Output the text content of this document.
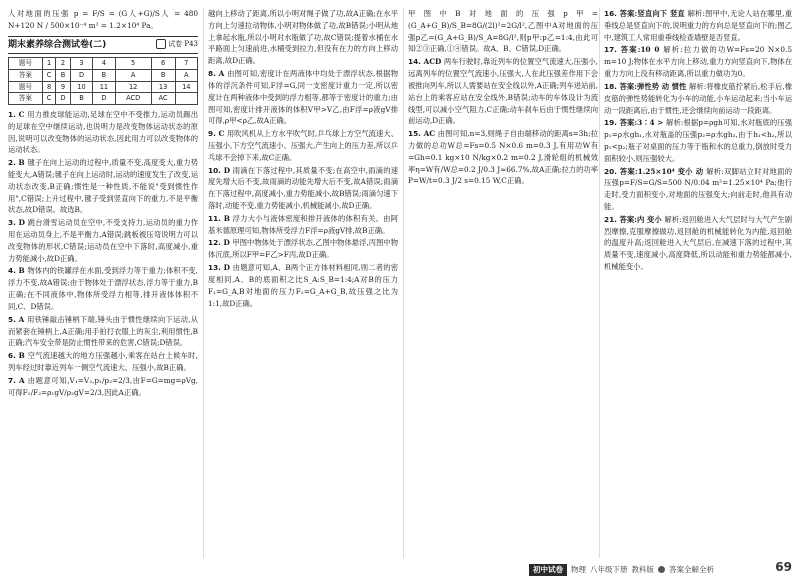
人对地面的压强 p = F/S = (G人+G)/S人 = 480 N+120 N / 500×10⁻⁴ m² = 1.2×10⁴ Pa。

期末素养综合测试卷(二)	试卷 P43
题号	1	2	3	4	5	6	7
答案	C	B	D	B	A	B	A
题号	8	9	10	11	12	13	14
答案	C	D	B	D	ACD	AC	

1. C 用力推皮球能运动,足球在空中不受推力,运动员踢出的足球在空中继续运动,也说明力是改变物体运动状态的原因,说明可以改变物体的运动状态,因此用力可以改变物体的运动状态。

2. B 毽子在向上运动的过程中,质量不变,高度变大,重力势能变大,A错误;毽子在向上运动时,运动的速度发生了改变,运动状态改变,B正确;惯性是一种性质,不能说"受到惯性作用",C错误;上升过程中,毽子受到竖直向下的重力,不是平衡状态,故D错误。故选B。

3. D 跳台滑雪运动员在空中,不受支持力,运动员的重力作用在运动员身上,不是平衡力,A错误;跳板被压弯说明力可以改变物体的形状,C错误;运动员在空中下落时,高度减小,重力势能减小,故D正确。

4. B 物体内的铁罐浮在水面,受到浮力等于重力;体积不变,浮力不变,故A错误;由于物体处于漂浮状态,浮力等于重力,B正确;在不同液体中,物体所受浮力相等,排开液体体积不同,C、D错误。

5. A 用铁锤敲击锤柄下端,锤头由于惯性继续向下运动,从而紧套在锤柄上,A正确;用手拍打衣服上的灰尘,利用惯性,B正确;汽车安全带是防止惯性带来的危害,C错误;D错误。

6. B 空气流速越大的地方压强越小,乘客在站台上候车时,列车经过时靠近列车一侧空气流速大、压强小,故B正确。

7. A 由题意可知,V₁=V₂,p₁/p₂=2/3,由F=G=mg=ρVg,可得F₁/F₂=ρ₁gV/ρ₂gV=2/3,因此A正确。

越向上移动了距离,所以小明对绳子做了功,故A正确;在水平方向上匀速拉动物体,小明对物体做了功,故B错误;小明从地上拿起水瓶,所以小明对水瓶做了功,故C错误;提着水桶在水平路面上匀速前进,水桶受到拉力,但没有在力的方向上移动距离,故D正确。

8. A 由图可知,密度计在两液体中均处于漂浮状态,根据物体的浮沉条件可知,F浮=G,同一支密度计重力一定,所以密度计在两种液体中受到的浮力相等,都等于密度计的重力;由图可知,密度计排开液体的体积V甲>V乙,由F浮=ρ液gV排可得,ρ甲<ρ乙,故A正确。

9. C 用吹风机从上方水平吹气时,乒乓球上方空气流速大、压强小,下方空气流速小、压强大,产生向上的压力差,所以乒乓球不会掉下来,故C正确。

10. D 雨滴在下落过程中,其质量不变;在高空中,雨滴的速度先增大后不变,故雨滴的动能先增大后不变,故A错误;雨滴在下落过程中,高度减小,重力势能减小,故B错误;雨滴匀速下落时,动能不变,重力势能减小,机械能减小,故D正确。

11. B 浮力大小与液体密度和排开液体的体积有关。由阿基米德原理可知,物体所受浮力F浮=ρ液gV排,故B正确。

12. D 甲图中物体处于漂浮状态,乙图中物体悬浮,丙图中物体沉底,所以F甲=F乙>F丙,故D正确。

13. D 由题意可知,A、B两个正方体材料相同,则二者的密度相同,A、B的底面积之比S_A:S_B=1:4;A对B的压力F₁=G_A,B对地面的压力F₂=G_A+G_B,故压强之比为1:1,故D正确。

甲图中B对地面的压强p甲=(G_A+G_B)/S_B=8G/(2l)²=2G/l²,乙图中A对地面的压强p乙=(G_A+G_B)/S_A=8G/l²,则p甲:p乙=1:4,由此可知②③正确,①④错误。故A、B、C错误,D正确。

14. ACD 两车行驶时,靠近列车的位置空气流速大,压强小,远离列车的位置空气流速小,压强大,人在此压强差作用下会被推向列车,所以人需要站在安全线以外,A正确;列车进站前,站台上的乘客应站在安全线外,B错误;动车的车体设计为流线型,可以减小空气阻力,C正确;动车刹车后由于惯性继续向前运动,D正确。

15. AC 由图可知,n=3,则绳子自由端移动的距离s=3h;拉力做的总功W总=Fs=0.5 N×0.6 m=0.3 J,有用功W有=Gh=0.1 kg×10 N/kg×0.2 m=0.2 J,滑轮组的机械效率η=W有/W总=0.2 J/0.3 J≈66.7%,故A正确;拉力的功率P=W/t=0.3 J/2 s=0.15 W,C正确。

16. 答案:竖直向下 竖直 解析:图甲中,无论人站在哪里,重垂线总是竖直向下的,说明重力的方向总是竖直向下的;图乙中,建筑工人常用重垂线检查墙壁是否竖直。

17. 答案:10 0 解析:拉力做的功W=Fs=20 N×0.5 m=10 J;物体在水平方向上移动,重力方向竖直向下,物体在重力方向上没有移动距离,所以重力做功为0。

18. 答案:弹性势 动 惯性 解析:将橡皮筋拧紧后,松手后,橡皮筋的弹性势能转化为小车的动能,小车运动起来;当小车运动一段距离后,由于惯性,还会继续向前运动一段距离。

19. 答案:3∶4 > 解析:根据p=ρgh可知,水对瓶底的压强p₁=ρ水gh₁,水对瓶盖的压强p₂=ρ水gh₂,由于h₁<h₂,所以p₁<p₂;瓶子对桌面的压力等于瓶和水的总重力,倒放时受力面积较小,则压强较大。

20. 答案:1.25×10⁴ 变小 动 解析:双脚站立时对地面的压强p=F/S=G/S=500 N/0.04 m²=1.25×10⁴ Pa;他行走时,受力面积变小,对地面的压强变大;向前走时,他具有动能。

21. 答案:内 变小 解析:返回舱进入大气层时与大气产生剧烈摩擦,克服摩擦做功,返回舱的机械能转化为内能,返回舱的温度升高;返回舱进入大气层后,在减速下落的过程中,其质量不变,速度减小,高度降低,所以动能和重力势能都减小,机械能变小。

初中试卷	物理 八年级下册 教科版 答案全解全析	69
